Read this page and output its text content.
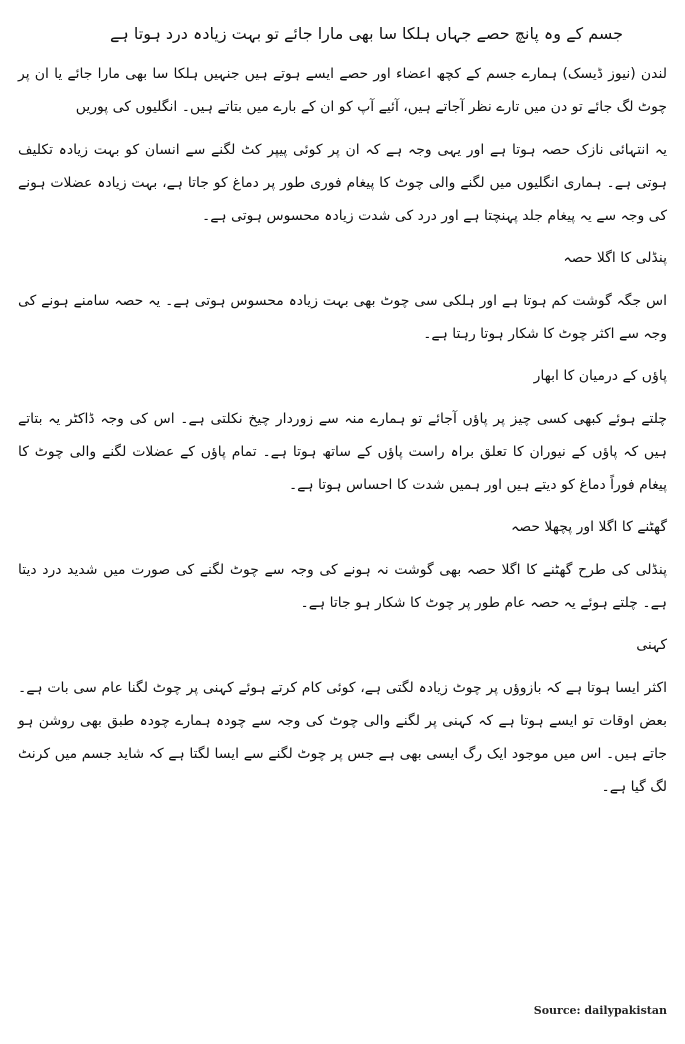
جسم کے وہ پانچ حصے جہاں ہلکا سا بھی مارا جائے تو بہت زیادہ درد ہوتا ہے

لندن (نیوز ڈیسک) ہمارے جسم کے کچھ اعضاء اور حصے ایسے ہوتے ہیں جنہیں ہلکا سا بھی مارا جائے یا ان پر چوٹ لگ جائے تو دن میں تارے نظر آجاتے ہیں، آئیے آپ کو ان کے بارے میں بتاتے ہیں۔ انگلیوں کی پوریں

یہ انتہائی نازک حصہ ہوتا ہے اور یہی وجہ ہے کہ ان پر کوئی پیپر کٹ لگنے سے انسان کو بہت زیادہ تکلیف ہوتی ہے۔ ہماری انگلیوں میں لگنے والی چوٹ کا پیغام فوری طور پر دماغ کو جاتا ہے، بہت زیادہ عضلات ہونے کی وجہ سے یہ پیغام جلد پہنچتا ہے اور درد کی شدت زیادہ محسوس ہوتی ہے۔

پنڈلی کا اگلا حصہ

اس جگہ گوشت کم ہوتا ہے اور ہلکی سی چوٹ بھی بہت زیادہ محسوس ہوتی ہے۔ یہ حصہ سامنے ہونے کی وجہ سے اکثر چوٹ کا شکار ہوتا رہتا ہے۔

پاؤں کے درمیان کا ابھار

چلتے ہوئے کبھی کسی چیز پر پاؤں آجائے تو ہمارے منہ سے زوردار چیخ نکلتی ہے۔ اس کی وجہ ڈاکٹر یہ بتاتے ہیں کہ پاؤں کے نیوران کا تعلق براہ راست پاؤں کے ساتھ ہوتا ہے۔ تمام پاؤں کے عضلات لگنے والی چوٹ کا پیغام فوراً دماغ کو دیتے ہیں اور ہمیں شدت کا احساس ہوتا ہے۔

گھٹنے کا اگلا اور پچھلا حصہ

پنڈلی کی طرح گھٹنے کا اگلا حصہ بھی گوشت نہ ہونے کی وجہ سے چوٹ لگنے کی صورت میں شدید درد دیتا ہے۔ چلتے ہوئے یہ حصہ عام طور پر چوٹ کا شکار ہو جاتا ہے۔

کہنی

اکثر ایسا ہوتا ہے کہ بازوؤں پر چوٹ زیادہ لگتی ہے، کوئی کام کرتے ہوئے کہنی پر چوٹ لگنا عام سی بات ہے۔ بعض اوقات تو ایسے ہوتا ہے کہ کہنی پر لگنے والی چوٹ کی وجہ سے چودہ ہمارے چودہ طبق بھی روشن ہو جاتے ہیں۔ اس میں موجود ایک رگ ایسی بھی ہے جس پر چوٹ لگنے سے ایسا لگتا ہے کہ شاید جسم میں کرنٹ لگ گیا ہے۔

Source: dailypakistan
